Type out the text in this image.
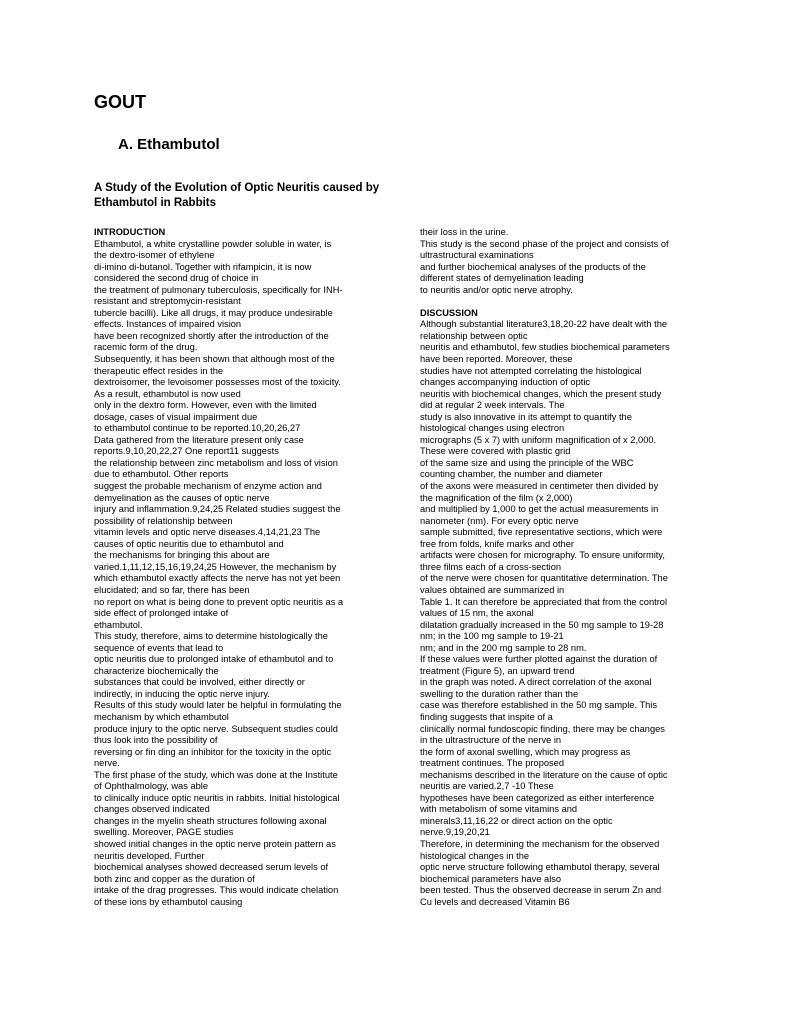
GOUT
A. Ethambutol
A Study of the Evolution of Optic Neuritis caused by
Ethambutol in Rabbits
INTRODUCTION
Ethambutol, a white crystalline powder soluble in water, is
the dextro-isomer of ethylene
di-imino di-butanol. Together with rifampicin, it is now
considered the second drug of choice in
the treatment of pulmonary tuberculosis, specifically for INH-
resistant and streptomycin-resistant
tubercle bacilli). Like all drugs, it may produce undesirable
effects. Instances of impaired vision
have been recognized shortly after the introduction of the
racemic form of the drug.
Subsequently, it has been shown that although most of the
therapeutic effect resides in the
dextroisomer, the levoisomer possesses most of the toxicity.
As a result, ethambutol is now used
only in the dextro form. However, even with the limited
dosage, cases of visual impairment due
to ethambutol continue to be reported.10,20,26,27
Data gathered from the literature present only case
reports.9,10,20,22,27 One report11 suggests
the relationship between zinc metabolism and loss of vision
due to ethambutol. Other reports
suggest the probable mechanism of enzyme action and
demyelination as the causes of optic nerve
injury and inflammation.9,24,25 Related studies suggest the
possibility of relationship between
vitamin levels and optic nerve diseases.4,14,21,23 The
causes of optic neuritis due to ethambutol and
the mechanisms for bringing this about are
varied.1,11,12,15,16,19,24,25 However, the mechanism by
which ethambutol exactly affects the nerve has not yet been
elucidated; and so far, there has been
no report on what is being done to prevent optic neuritis as a
side effect of prolonged intake of
ethambutol.
This study, therefore, aims to determine histologically the
sequence of events that lead to
optic neuritis due to prolonged intake of ethambutol and to
characterize biochemically the
substances that could be involved, either directly or
indirectly, in inducing the optic nerve injury.
Results of this study would later be helpful in formulating the
mechanism by which ethambutol
produce injury to the optic nerve. Subsequent studies could
thus look into the possibility of
reversing or fin ding an inhibitor for the toxicity in the optic
nerve.
The first phase of the study, which was done at the Institute
of Ophthalmology, was able
to clinically induce optic neuritis in rabbits. Initial histological
changes observed indicated
changes in the myelin sheath structures following axonal
swelling. Moreover, PAGE studies
showed initial changes in the optic nerve protein pattern as
neuritis developed. Further
biochemical analyses showed decreased serum levels of
both zinc and copper as the duration of
intake of the drag progresses. This would indicate chelation
of these ions by ethambutol causing
their loss in the urine.
This study is the second phase of the project and consists of
ultrastructural examinations
and further biochemical analyses of the products of the
different states of demyelination leading
to neuritis and/or optic nerve atrophy.
DISCUSSION
Although substantial literature3,18,20-22 have dealt with the
relationship between optic
neuritis and ethambutol, few studies biochemical parameters
have been reported. Moreover, these
studies have not attempted correlating the histological
changes accompanying induction of optic
neuritis with biochemical changes, which the present study
did at regular 2 week intervals. The
study is also innovative in its attempt to quantify the
histological changes using electron
micrographs (5 x 7) with uniform magnification of x 2,000.
These were covered with plastic grid
of the same size and using the principle of the WBC
counting chamber, the number and diameter
of the axons were measured in centimeter then divided by
the magnification of the film (x 2,000)
and multiplied by 1,000 to get the actual measurements in
nanometer (nm). For every optic nerve
sample submitted, five representative sections, which were
free from folds, knife marks and other
artifacts were chosen for micrography. To ensure uniformity,
three films each of a cross-section
of the nerve were chosen for quantitative determination. The
values obtained are summarized in
Table 1. It can therefore be appreciated that from the control
values of 15 nm, the axonal
dilatation gradually increased in the 50 mg sample to 19-28
nm; in the 100 mg sample to 19-21
nm; and in the 200 mg sample to 28 nm.
If these values were further plotted against the duration of
treatment (Figure 5), an upward trend
in the graph was noted. A direct correlation of the axonal
swelling to the duration rather than the
case was therefore established in the 50 mg sample. This
finding suggests that inspite of a
clinically normal fundoscopic finding, there may be changes
in the ultrastructure of the nerve in
the form of axonal swelling, which may progress as
treatment continues. The proposed
mechanisms described in the literature on the cause of optic
neuritis are varied.2,7 -10 These
hypotheses have been categorized as either interference
with metabolism of some vitamins and
minerals3,11,16,22 or direct action on the optic
nerve.9,19,20,21
Therefore, in determining the mechanism for the observed
histological changes in the
optic nerve structure following ethambutol therapy, several
biochemical parameters have also
been tested. Thus the observed decrease in serum Zn and
Cu levels and decreased Vitamin B6
